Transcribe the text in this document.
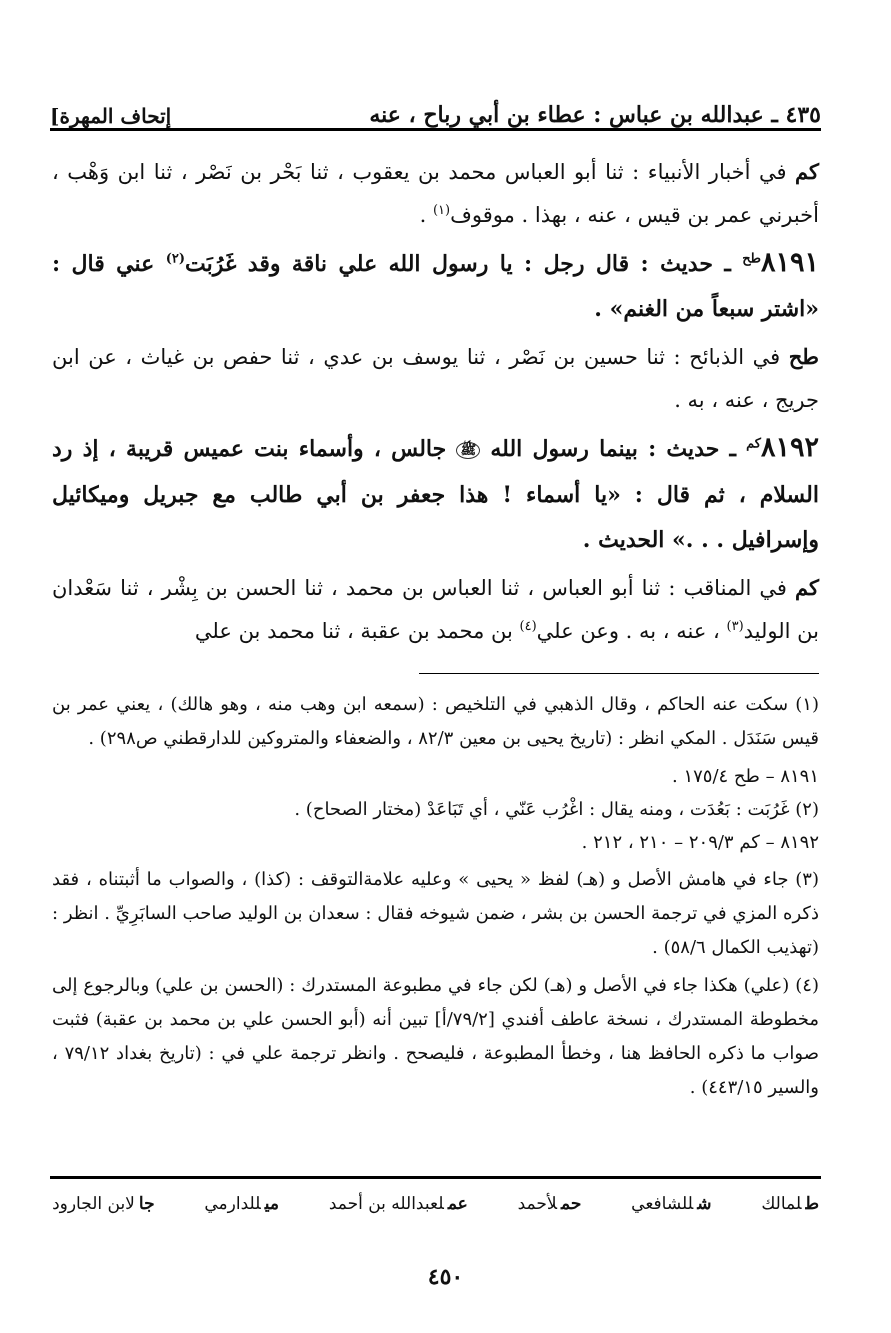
٤٣٥ ـ عبدالله بن عباس : عطاء بن أبي رباح ، عنه
[إتحاف المهرة

كم في أخبار الأنبياء : ثنا أبو العباس محمد بن يعقوب ، ثنا بَحْر بن نَصْر ، ثنا ابن وَهْب ، أخبرني عمر بن قيس ، عنه ، بهذا . موقوف$^{(١)}$ .

$٨١٩١^{طح}$ ـ حديث : قال رجل : يا رسول الله علي ناقة وقد غَرُبَت$^{(٢)}$ عني قال : «اشتر سبعاً من الغنم» .

طح في الذبائح : ثنا حسين بن نَصْر ، ثنا يوسف بن عدي ، ثنا حفص بن غياث ، عن ابن جريج ، عنه ، به .

$٨١٩٢^{كم}$ ـ حديث : بينما رسول الله ﷺ جالس ، وأسماء بنت عميس قريبة ، إذ رد السلام ، ثم قال : «يا أسماء ! هذا جعفر بن أبي طالب مع جبريل وميكائيل وإسرافيل . . .» الحديث .

كم في المناقب : ثنا أبو العباس ، ثنا العباس بن محمد ، ثنا الحسن بن بِشْر ، ثنا سَعْدان بن الوليد$^{(٣)}$ ، عنه ، به . وعن علي$^{(٤)}$ بن محمد بن عقبة ، ثنا محمد بن علي

(١) سكت عنه الحاكم ، وقال الذهبي في التلخيص : (سمعه ابن وهب منه ، وهو هالك) ، يعني عمر بن قيس سَنَدَل . المكي انظر : (تاريخ يحيى بن معين ٨٢/٣ ، والضعفاء والمتروكين للدارقطني ص٢٩٨) .

٨١٩١ – طح ١٧٥/٤ .

(٢) غَرُبَت : بَعُدَت ، ومنه يقال : اغْرُب عَنّي ، أي تَبَاعَدْ (مختار الصحاح) .

٨١٩٢ – كم ٢٠٩/٣ – ٢١٠ ، ٢١٢ .

(٣) جاء في هامش الأصل و (هـ) لفظ « يحيى » وعليه علامةالتوقف : (كذا) ، والصواب ما أثبتناه ، فقد ذكره المزي في ترجمة الحسن بن بشر ، ضمن شيوخه فقال : سعدان بن الوليد صاحب السابَرِيِّ . انظر : (تهذيب الكمال ٥٨/٦) .

(٤) (علي) هكذا جاء في الأصل و (هـ) لكن جاء في مطبوعة المستدرك : (الحسن بن علي) وبالرجوع إلى مخطوطة المستدرك ، نسخة عاطف أفندي [٧٩/٢/أ] تبين أنه (أبو الحسن علي بن محمد بن عقبة) فثبت صواب ما ذكره الحافظ هنا ، وخطأ المطبوعة ، فليصحح . وانظر ترجمة علي في : (تاريخ بغداد ٧٩/١٢ ، والسير ٤٤٣/١٥) .

طلمالك
شللشافعي
حملأحمد
عملعبدالله بن أحمد
ميللدارمي
جالابن الجارود
٤٥٠
